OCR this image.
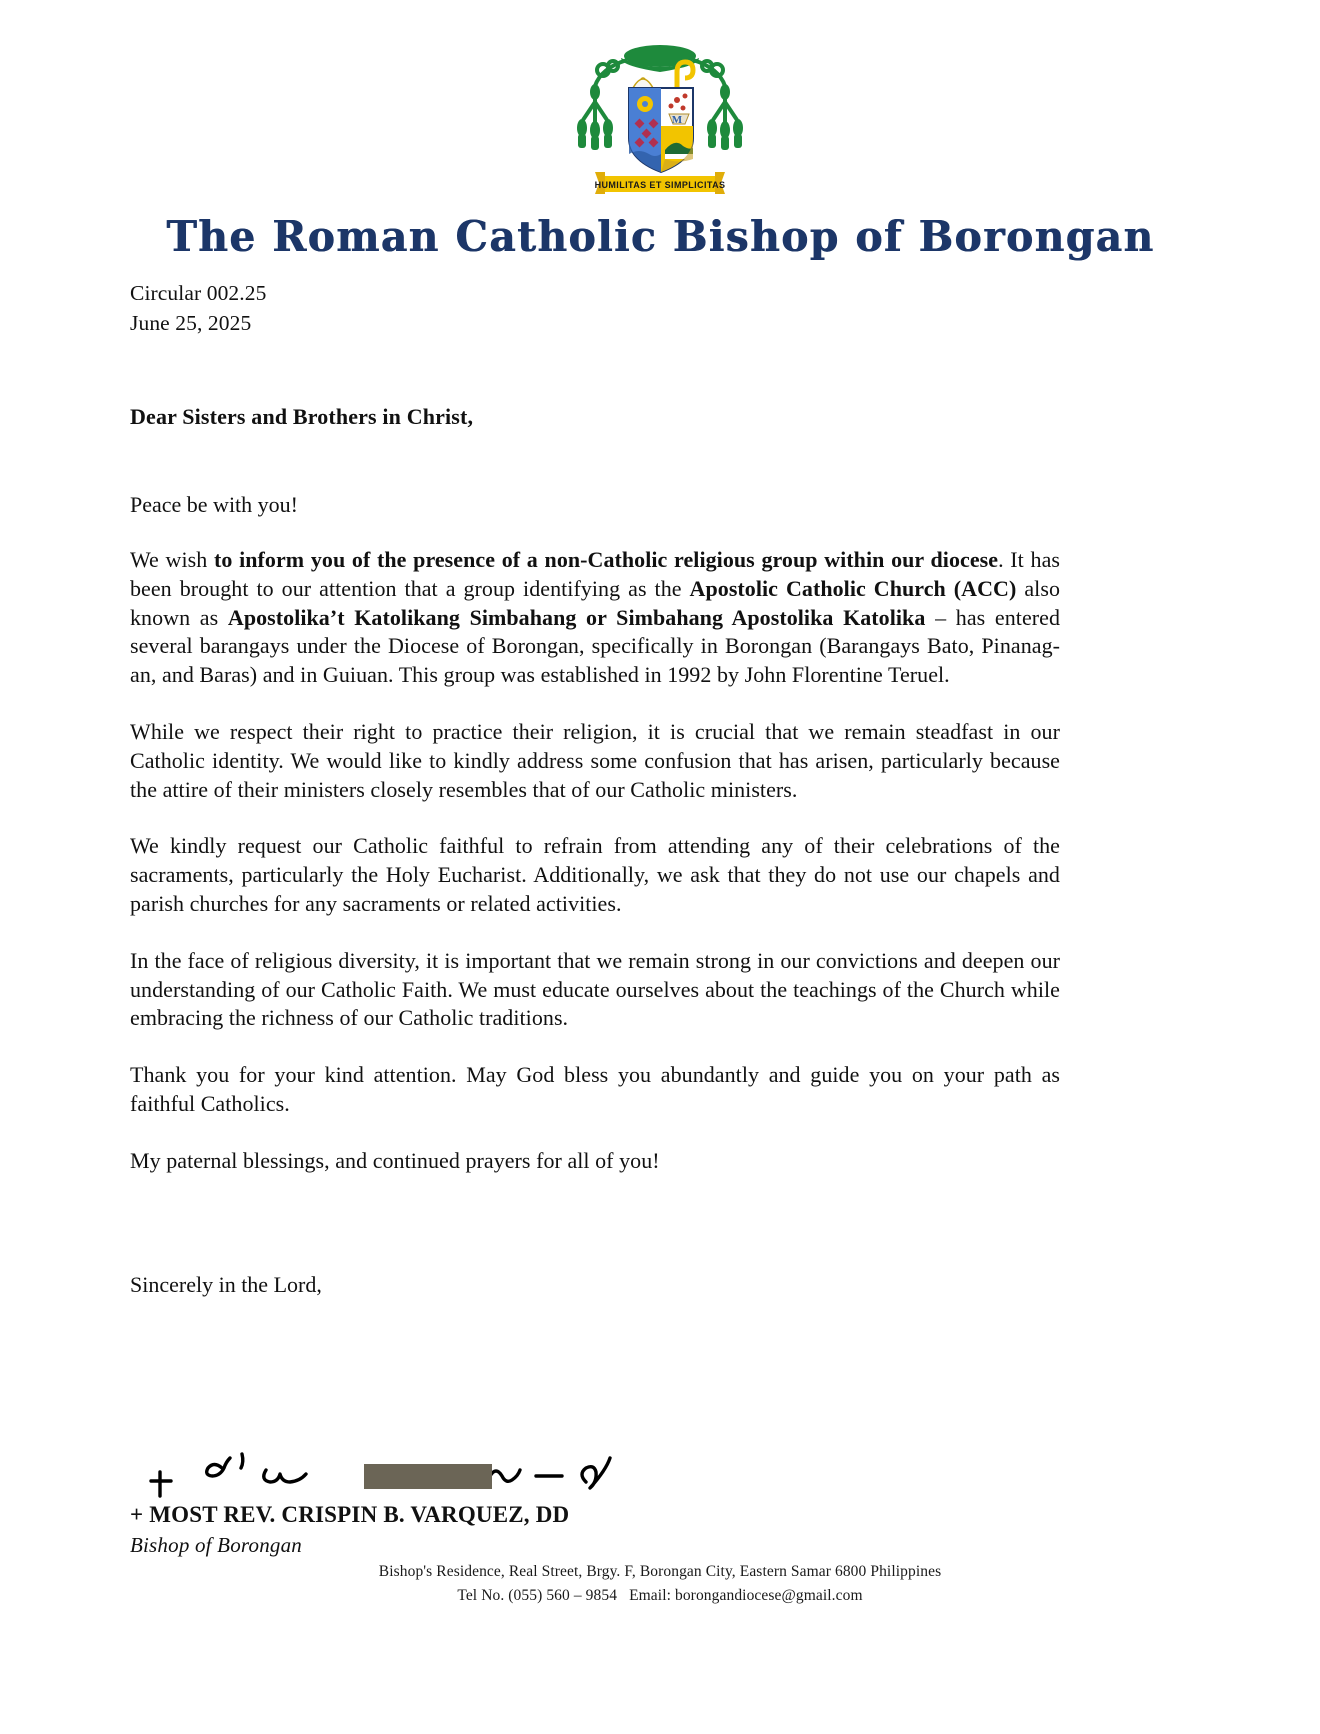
M
HUMILITAS ET SIMPLICITAS
The Roman Catholic Bishop of Borongan
Circular 002.25
June 25, 2025
Dear Sisters and Brothers in Christ,
Peace be with you!

We wish to inform you of the presence of a non-Catholic religious group within our diocese. It has been brought to our attention that a group identifying as the Apostolic Catholic Church (ACC) also known as Apostolika’t Katolikang Simbahang or Simbahang Apostolika Katolika – has entered several barangays under the Diocese of Borongan, specifically in Borongan (Barangays Bato, Pinanag-an, and Baras) and in Guiuan. This group was established in 1992 by John Florentine Teruel.

While we respect their right to practice their religion, it is crucial that we remain steadfast in our Catholic identity. We would like to kindly address some confusion that has arisen, particularly because the attire of their ministers closely resembles that of our Catholic ministers.

We kindly request our Catholic faithful to refrain from attending any of their celebrations of the sacraments, particularly the Holy Eucharist. Additionally, we ask that they do not use our chapels and parish churches for any sacraments or related activities.

In the face of religious diversity, it is important that we remain strong in our convictions and deepen our understanding of our Catholic Faith. We must educate ourselves about the teachings of the Church while embracing the richness of our Catholic traditions.

Thank you for your kind attention. May God bless you abundantly and guide you on your path as faithful Catholics.

My paternal blessings, and continued prayers for all of you!

Sincerely in the Lord,
+ MOST REV. CRISPIN B. VARQUEZ, DD
Bishop of Borongan
Bishop's Residence, Real Street, Brgy. F, Borongan City, Eastern Samar 6800 Philippines
Tel No. (055) 560 – 9854 Email: borongandiocese@gmail.com
